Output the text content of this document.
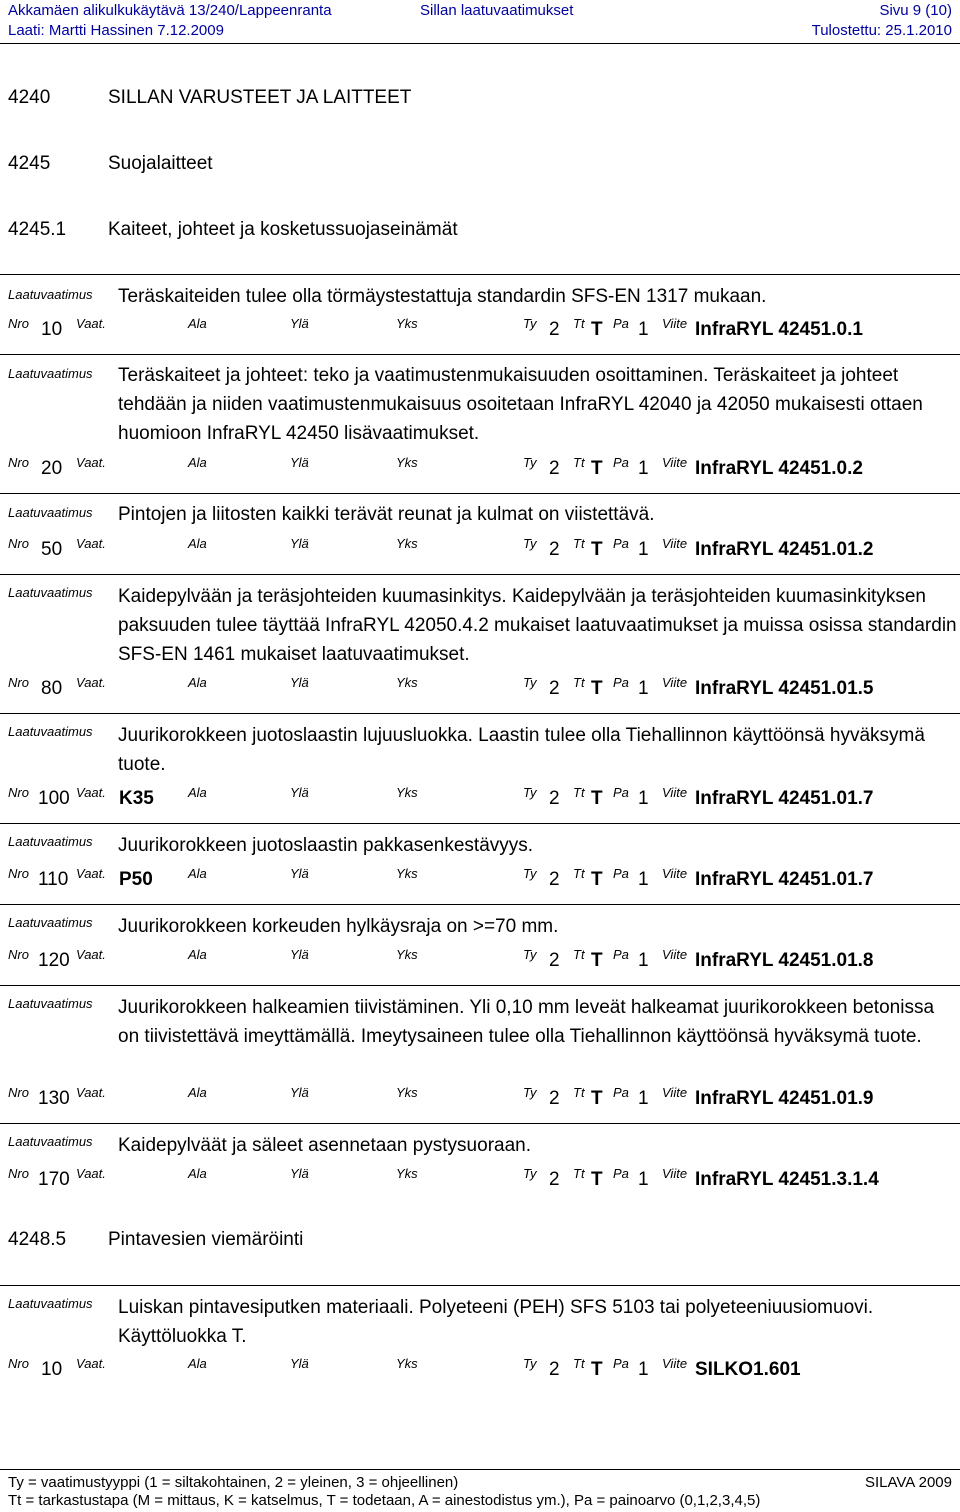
Akkamäen alikulkukäytävä 13/240/Lappeenranta	Sillan laatuvaatimukset	Sivu 9 (10)
Laati: Martti Hassinen 7.12.2009	Tulostettu: 25.1.2010
4240	SILLAN VARUSTEET JA LAITTEET
4245	Suojalaitteet
4245.1 Kaiteet, johteet ja kosketussuojaseinämät
4248.5 Pintavesien viemäröinti
Laatuvaatimus Teräskaiteiden tulee olla törmäystestattuja standardin SFS-EN 1317 mukaan.
Nro 10 Vaat.	Ala	Ylä	Yks	Ty 2 Tt T Pa 1 Viite InfraRYL 42451.0.1
Laatuvaatimus Teräskaiteet ja johteet: teko ja vaatimustenmukaisuuden osoittaminen. Teräskaiteet ja johteet tehdään ja niiden vaatimustenmukaisuus osoitetaan InfraRYL 42040 ja 42050 mukaisesti ottaen huomioon InfraRYL 42450 lisävaatimukset.
Nro 20 Vaat.	Ala	Ylä	Yks	Ty 2 Tt T Pa 1 Viite InfraRYL 42451.0.2
Laatuvaatimus Pintojen ja liitosten kaikki terävät reunat ja kulmat on viistettävä.
Nro 50 Vaat.	Ala	Ylä	Yks	Ty 2 Tt T Pa 1 Viite InfraRYL 42451.01.2
Laatuvaatimus Kaidepylvään ja teräsjohteiden kuumasinkitys. Kaidepylvään ja teräsjohteiden kuumasinkityksen paksuuden tulee täyttää InfraRYL 42050.4.2 mukaiset laatuvaatimukset ja muissa osissa standardin SFS-EN 1461 mukaiset laatuvaatimukset.
Nro 80 Vaat.	Ala	Ylä	Yks	Ty 2 Tt T Pa 1 Viite InfraRYL 42451.01.5
Laatuvaatimus Juurikorokkeen juotoslaastin lujuusluokka. Laastin tulee olla Tiehallinnon käyttöönsä hyväksymä tuote.
Nro 100 Vaat. K35	Ala	Ylä	Yks	Ty 2 Tt T Pa 1 Viite InfraRYL 42451.01.7
Laatuvaatimus Juurikorokkeen juotoslaastin pakkasenkestävyys.
Nro 110 Vaat. P50	Ala	Ylä	Yks	Ty 2 Tt T Pa 1 Viite InfraRYL 42451.01.7
Laatuvaatimus Juurikorokkeen korkeuden hylkäysraja on >=70 mm.
Nro 120 Vaat.	Ala	Ylä	Yks	Ty 2 Tt T Pa 1 Viite InfraRYL 42451.01.8
Laatuvaatimus Juurikorokkeen halkeamien tiivistäminen. Yli 0,10 mm leveät halkeamat juurikorokkeen betonissa on tiivistettävä imeyttämällä. Imeytysaineen tulee olla Tiehallinnon käyttöönsä hyväksymä tuote.
Nro 130 Vaat.	Ala	Ylä	Yks	Ty 2 Tt T Pa 1 Viite InfraRYL 42451.01.9
Laatuvaatimus Kaidepylväät ja säleet asennetaan pystysuoraan.
Nro 170 Vaat.	Ala	Ylä	Yks	Ty 2 Tt T Pa 1 Viite InfraRYL 42451.3.1.4
Laatuvaatimus Luiskan pintavesiputken materiaali. Polyeteeni (PEH) SFS 5103 tai polyeteeniuusiomuovi. Käyttöluokka T.
Nro 10 Vaat.	Ala	Ylä	Yks	Ty 2 Tt T Pa 1 Viite SILKO1.601
Ty = vaatimustyyppi (1 = siltakohtainen, 2 = yleinen, 3 = ohjeellinen)	SILAVA 2009
Tt = tarkastustapa (M = mittaus, K = katselmus, T = todetaan, A = ainestodistus ym.), Pa = painoarvo (0,1,2,3,4,5)
